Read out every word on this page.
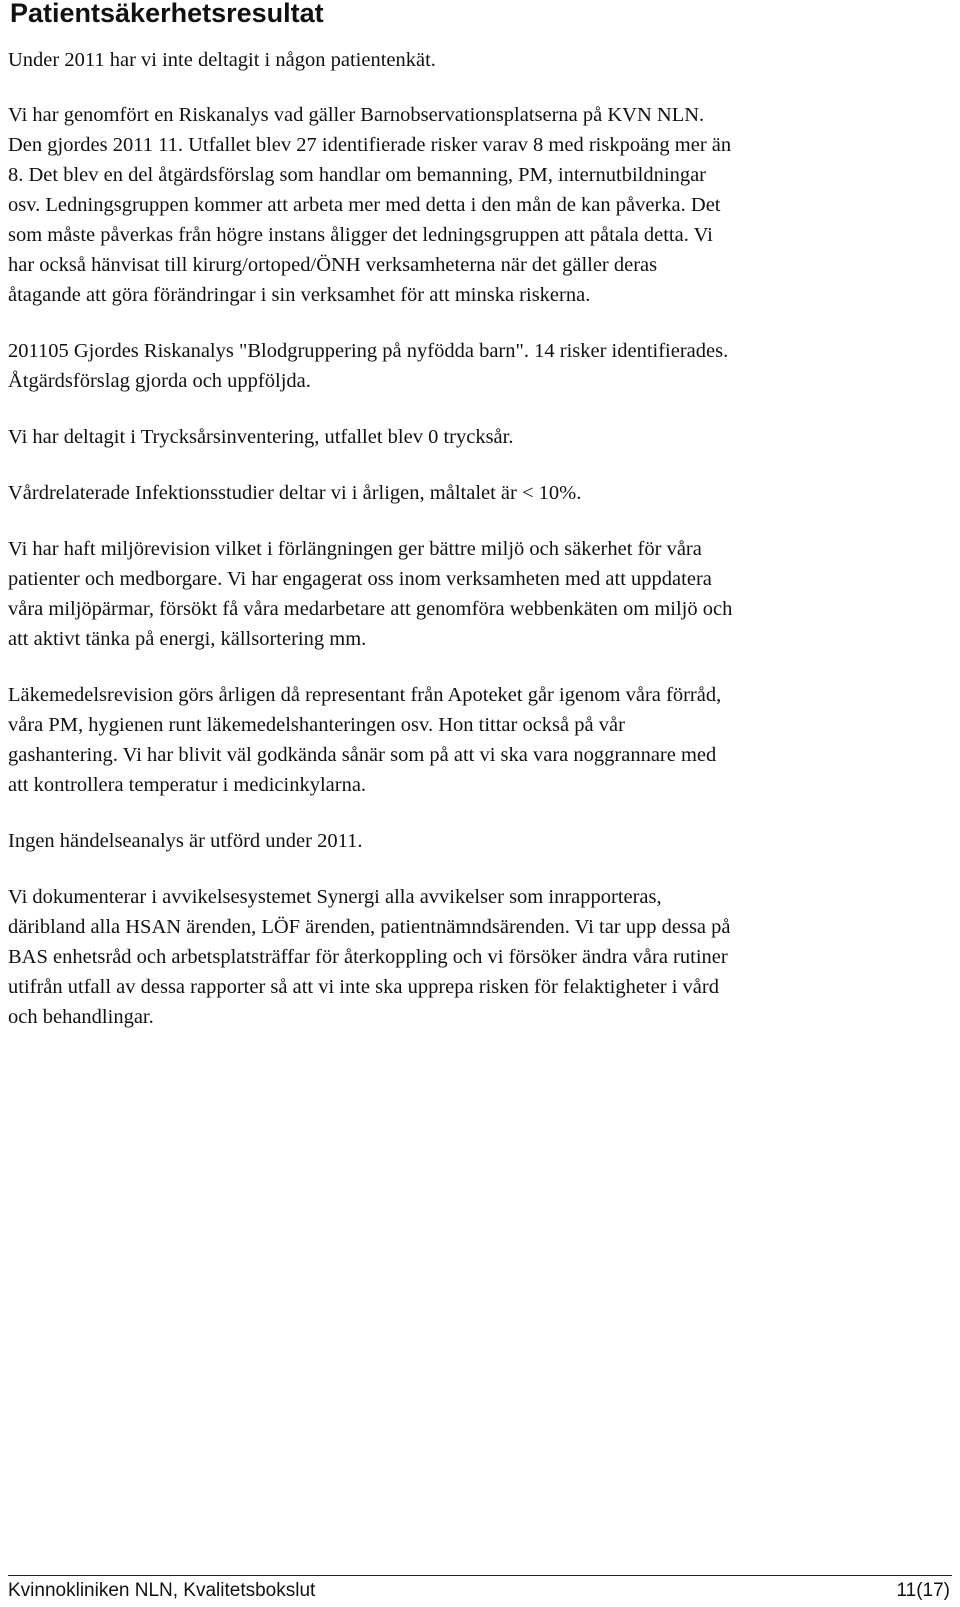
Patientsäkerhetsresultat

Under 2011 har vi inte deltagit i någon patientenkät.

Vi har genomfört en Riskanalys vad gäller Barnobservationsplatserna på KVN NLN.
Den gjordes 2011 11. Utfallet blev 27 identifierade risker varav 8 med riskpoäng mer än
8. Det blev en del åtgärdsförslag som handlar om bemanning, PM, internutbildningar
osv. Ledningsgruppen kommer att arbeta mer med detta i den mån de kan påverka. Det
som måste påverkas från högre instans åligger det ledningsgruppen att påtala detta. Vi
har också hänvisat till kirurg/ortoped/ÖNH verksamheterna när det gäller deras
åtagande att göra förändringar i sin verksamhet för att minska riskerna.

201105 Gjordes Riskanalys "Blodgruppering på nyfödda barn". 14 risker identifierades.
Åtgärdsförslag gjorda och uppföljda.

Vi har deltagit i Trycksårsinventering, utfallet blev 0 trycksår.

Vårdrelaterade Infektionsstudier deltar vi i årligen, måltalet är < 10%.

Vi har haft miljörevision vilket i förlängningen ger bättre miljö och säkerhet för våra
patienter och medborgare. Vi har engagerat oss inom verksamheten med att uppdatera
våra miljöpärmar, försökt få våra medarbetare att genomföra webbenkäten om miljö och
att aktivt tänka på energi, källsortering mm.

Läkemedelsrevision görs årligen då representant från Apoteket går igenom våra förråd,
våra PM, hygienen runt läkemedelshanteringen osv. Hon tittar också på vår
gashantering. Vi har blivit väl godkända sånär som på att vi ska vara noggrannare med
att kontrollera temperatur i medicinkylarna.

Ingen händelseanalys är utförd under 2011.

Vi dokumenterar i avvikelsesystemet Synergi alla avvikelser som inrapporteras,
däribland alla HSAN ärenden, LÖF ärenden, patientnämndsärenden. Vi tar upp dessa på
BAS enhetsråd och arbetsplatsträffar för återkoppling och vi försöker ändra våra rutiner
utifrån utfall av dessa rapporter så att vi inte ska upprepa risken för felaktigheter i vård
och behandlingar.

Kvinnokliniken NLN, Kvalitetsbokslut	11(17)
